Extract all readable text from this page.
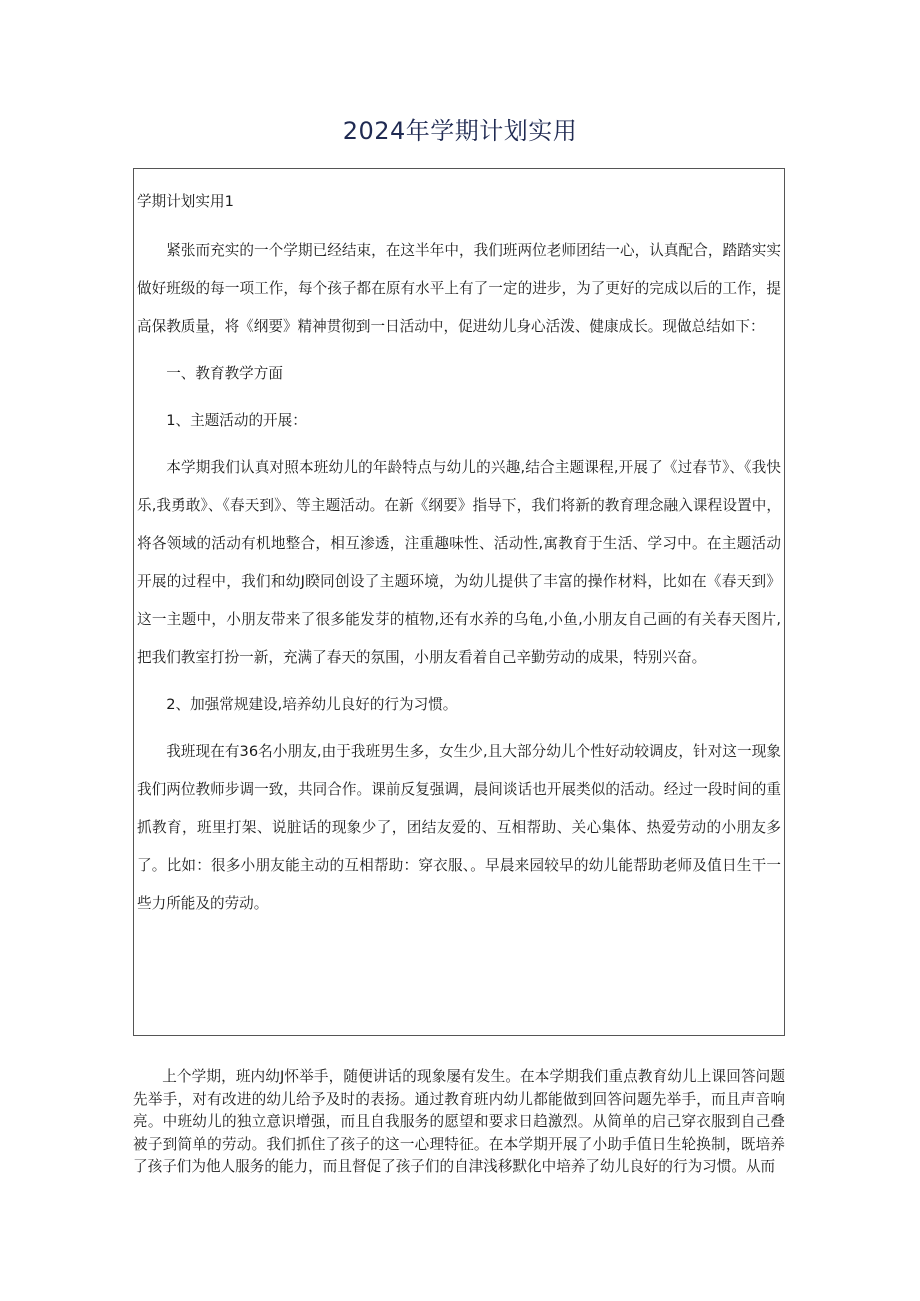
2024年学期计划实用

学期计划实用1

紧张而充实的一个学期已经结束，在这半年中，我们班两位老师团结一心，认真配合，踏踏实实做好班级的每一项工作，每个孩子都在原有水平上有了一定的进步，为了更好的完成以后的工作，提高保教质量，将《纲要》精神贯彻到一日活动中，促进幼儿身心活泼、健康成长。现做总结如下：

一、教育教学方面

1、主题活动的开展：

本学期我们认真对照本班幼儿的年龄特点与幼儿的兴趣,结合主题课程,开展了《过春节》、《我快乐,我勇敢》、《春天到》、等主题活动。在新《纲要》指导下，我们将新的教育理念融入课程设置中，将各领域的活动有机地整合，相互渗透，注重趣味性、活动性,寓教育于生活、学习中。在主题活动开展的过程中，我们和幼J睽同创设了主题环境，为幼儿提供了丰富的操作材料，比如在《春天到》这一主题中，小朋友带来了很多能发芽的植物,还有水养的乌龟,小鱼,小朋友自己画的有关春天图片,把我们教室打扮一新，充满了春天的氛围，小朋友看着自己辛勤劳动的成果，特别兴奋。

2、加强常规建设,培养幼儿良好的行为习惯。

我班现在有36名小朋友,由于我班男生多，女生少,且大部分幼儿个性好动较调皮，针对这一现象我们两位教师步调一致，共同合作。课前反复强调，晨间谈话也开展类似的活动。经过一段时间的重抓教育，班里打架、说脏话的现象少了，团结友爱的、互相帮助、关心集体、热爱劳动的小朋友多了。比如：很多小朋友能主动的互相帮助：穿衣服、。早晨来园较早的幼儿能帮助老师及值日生干一些力所能及的劳动。

上个学期，班内幼J怀举手，随便讲话的现象屡有发生。在本学期我们重点教育幼儿上课回答问题先举手，对有改进的幼儿给予及时的表扬。通过教育班内幼儿都能做到回答问题先举手，而且声音响亮。中班幼儿的独立意识增强，而且自我服务的愿望和要求日趋激烈。从简单的启己穿衣服到自己叠被子到简单的劳动。我们抓住了孩子的这一心理特征。在本学期开展了小助手值日生轮换制，既培养了孩子们为他人服务的能力，而且督促了孩子们的自津浅移默化中培养了幼儿良好的行为习惯。从而
